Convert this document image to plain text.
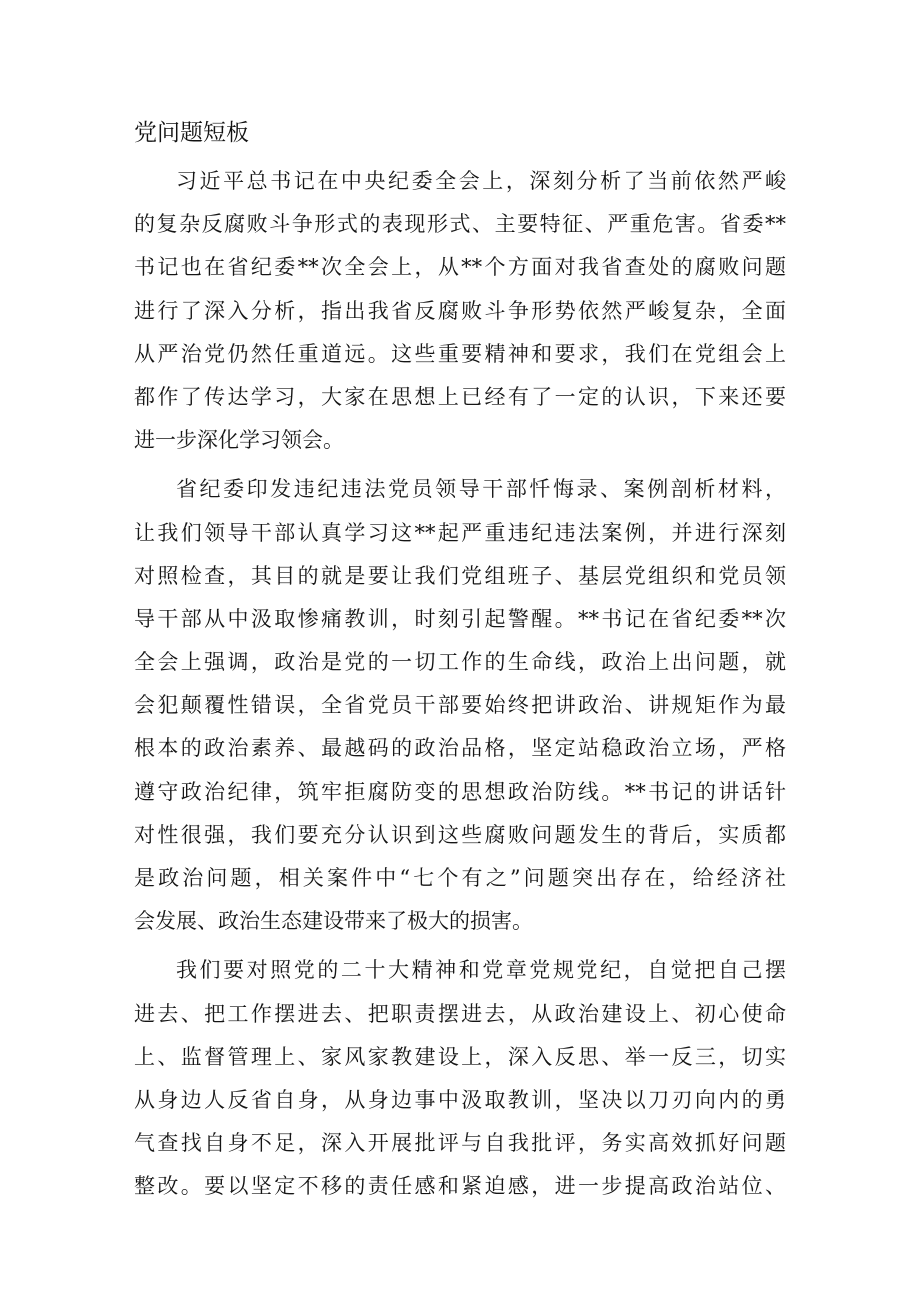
党问题短板
习近平总书记在中央纪委全会上，深刻分析了当前依然严峻
的复杂反腐败斗争形式的表现形式、主要特征、严重危害。省委**
书记也在省纪委**次全会上，从**个方面对我省查处的腐败问题
进行了深入分析，指出我省反腐败斗争形势依然严峻复杂，全面
从严治党仍然任重道远。这些重要精神和要求，我们在党组会上
都作了传达学习，大家在思想上已经有了一定的认识，下来还要
进一步深化学习领会。
省纪委印发违纪违法党员领导干部忏悔录、案例剖析材料，
让我们领导干部认真学习这**起严重违纪违法案例，并进行深刻
对照检查，其目的就是要让我们党组班子、基层党组织和党员领
导干部从中汲取惨痛教训，时刻引起警醒。**书记在省纪委**次
全会上强调，政治是党的一切工作的生命线，政治上出问题，就
会犯颠覆性错误，全省党员干部要始终把讲政治、讲规矩作为最
根本的政治素养、最越码的政治品格，坚定站稳政治立场，严格
遵守政治纪律，筑牢拒腐防变的思想政治防线。**书记的讲话针
对性很强，我们要充分认识到这些腐败问题发生的背后，实质都
是政治问题，相关案件中“七个有之”问题突出存在，给经济社
会发展、政治生态建设带来了极大的损害。
我们要对照党的二十大精神和党章党规党纪，自觉把自己摆
进去、把工作摆进去、把职责摆进去，从政治建设上、初心使命
上、监督管理上、家风家教建设上，深入反思、举一反三，切实
从身边人反省自身，从身边事中汲取教训，坚决以刀刃向内的勇
气查找自身不足，深入开展批评与自我批评，务实高效抓好问题
整改。要以坚定不移的责任感和紧迫感，进一步提高政治站位、
